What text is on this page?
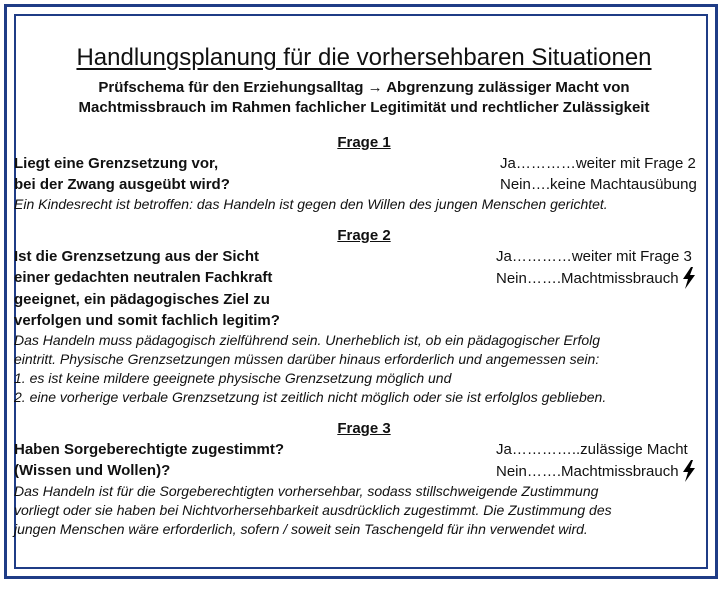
Handlungsplanung für die vorhersehbaren Situationen

Prüfschema für den Erziehungsalltag → Abgrenzung zulässiger Macht von

Machtmissbrauch im Rahmen fachlicher Legitimität und rechtlicher Zulässigkeit

Frage 1

Liegt eine Grenzsetzung vor,	Ja…………weiter mit Frage 2
bei der Zwang ausgeübt wird?	Nein….keine Machtausübung

Ein Kindesrecht ist betroffen: das Handeln ist gegen den Willen des jungen Menschen gerichtet.

Frage 2

Ist die Grenzsetzung aus der Sicht	Ja…………weiter mit Frage 3
einer gedachten neutralen Fachkraft	Nein…….Machtmissbrauch
geeignet, ein pädagogisches Ziel zu
verfolgen und somit fachlich legitim?

Das Handeln muss pädagogisch zielführend sein. Unerheblich ist, ob ein pädagogischer Erfolg

eintritt. Physische Grenzsetzungen müssen darüber hinaus erforderlich und angemessen sein:

1. es ist keine mildere geeignete physische Grenzsetzung möglich und

2. eine vorherige verbale Grenzsetzung ist zeitlich nicht möglich oder sie ist erfolglos geblieben.

Frage 3

Haben Sorgeberechtigte zugestimmt?	Ja…………..zulässige Macht
(Wissen und Wollen)?	Nein…….Machtmissbrauch

Das Handeln ist für die Sorgeberechtigten vorhersehbar, sodass stillschweigende Zustimmung

vorliegt oder sie haben bei Nichtvorhersehbarkeit ausdrücklich zugestimmt. Die Zustimmung des

jungen Menschen wäre erforderlich, sofern / soweit sein Taschengeld für ihn verwendet wird.
